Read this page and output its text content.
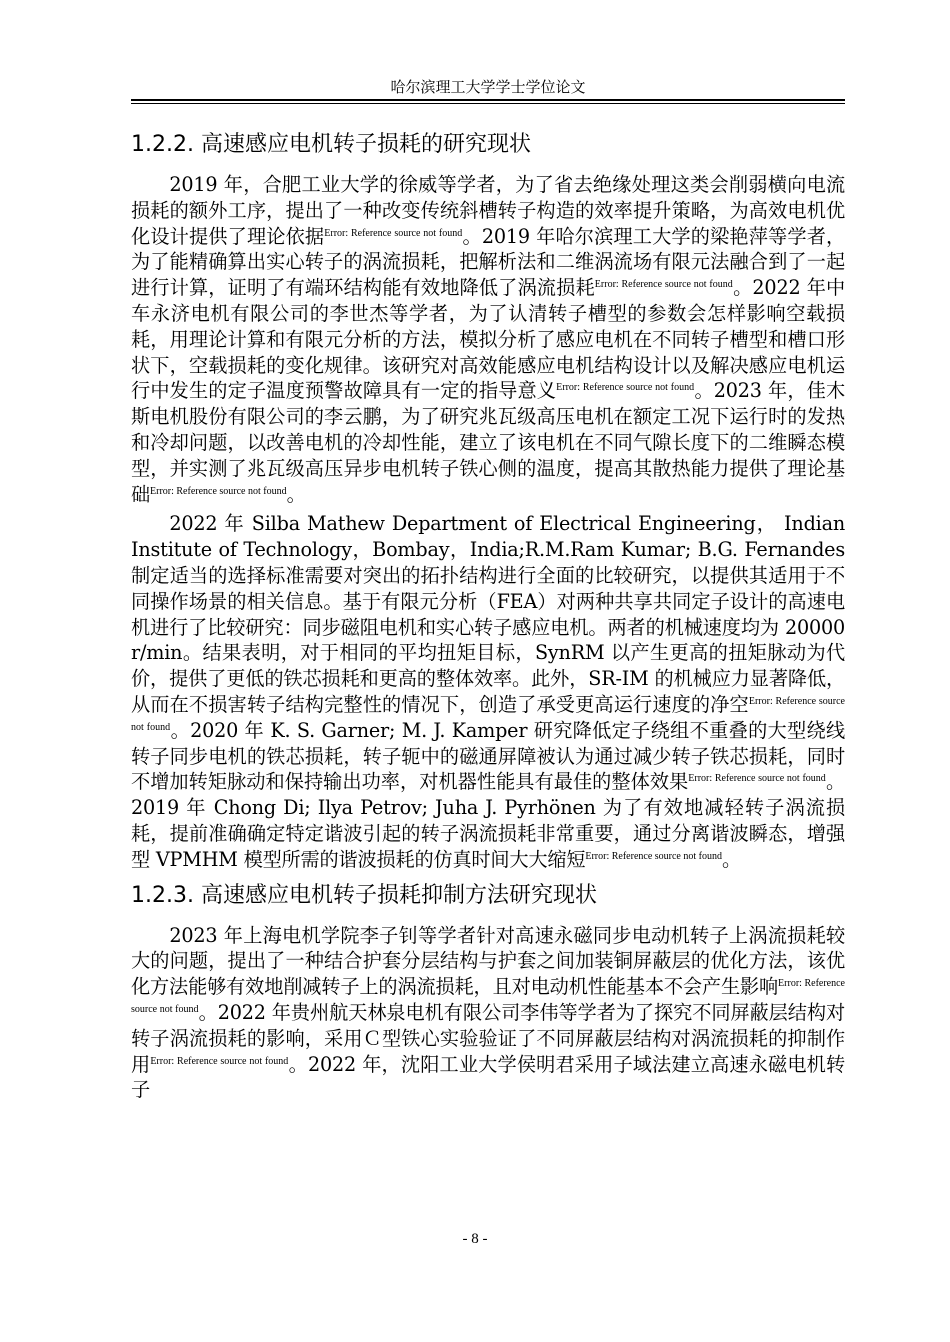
哈尔滨理工大学学士学位论文
1.2.2. 高速感应电机转子损耗的研究现状

2019 年，合肥工业大学的徐威等学者，为了省去绝缘处理这类会削弱横向电流损耗的额外工序，提出了一种改变传统斜槽转子构造的效率提升策略，为高效电机优化设计提供了理论依据$^{Error: Reference source not found}$。2019 年哈尔滨理工大学的梁艳萍等学者，为了能精确算出实心转子的涡流损耗，把解析法和二维涡流场有限元法融合到了一起进行计算，证明了有端环结构能有效地降低了涡流损耗$^{Error: Reference source not found}$。2022 年中车永济电机有限公司的李世杰等学者，为了认清转子槽型的参数会怎样影响空载损耗，用理论计算和有限元分析的方法，模拟分析了感应电机在不同转子槽型和槽口形状下，空载损耗的变化规律。该研究对高效能感应电机结构设计以及解决感应电机运行中发生的定子温度预警故障具有一定的指导意义$^{Error: Reference source not found}$。2023 年，佳木斯电机股份有限公司的李云鹏，为了研究兆瓦级高压电机在额定工况下运行时的发热和冷却问题，以改善电机的冷却性能，建立了该电机在不同气隙长度下的二维瞬态模型，并实测了兆瓦级高压异步电机转子铁心侧的温度，提高其散热能力提供了理论基础$^{Error: Reference source not found}$。

2022 年 Silba Mathew Department of Electrical Engineering， Indian Institute of Technology，Bombay，India;R.M.Ram Kumar; B.G. Fernandes 制定适当的选择标准需要对突出的拓扑结构进行全面的比较研究，以提供其适用于不同操作场景的相关信息。基于有限元分析（FEA）对两种共享共同定子设计的高速电机进行了比较研究：同步磁阻电机和实心转子感应电机。两者的机械速度均为 20000 r/min。结果表明，对于相同的平均扭矩目标，SynRM 以产生更高的扭矩脉动为代价，提供了更低的铁芯损耗和更高的整体效率。此外，SR-IM 的机械应力显著降低，从而在不损害转子结构完整性的情况下，创造了承受更高运行速度的净空$^{Error: Reference source not found}$。2020 年 K. S. Garner; M. J. Kamper 研究降低定子绕组不重叠的大型绕线转子同步电机的铁芯损耗，转子轭中的磁通屏障被认为通过减少转子铁芯损耗，同时不增加转矩脉动和保持输出功率，对机器性能具有最佳的整体效果$^{Error: Reference source not found}$。2019 年 Chong Di; Ilya Petrov; Juha J. Pyrhönen 为了有效地减轻转子涡流损耗，提前准确确定特定谐波引起的转子涡流损耗非常重要，通过分离谐波瞬态，增强型 VPMHM 模型所需的谐波损耗的仿真时间大大缩短$^{Error: Reference source not found}$。

1.2.3. 高速感应电机转子损耗抑制方法研究现状

2023 年上海电机学院李子钊等学者针对高速永磁同步电动机转子上涡流损耗较大的问题，提出了一种结合护套分层结构与护套之间加装铜屏蔽层的优化方法，该优化方法能够有效地削减转子上的涡流损耗，且对电动机性能基本不会产生影响$^{Error: Reference source not found}$。2022 年贵州航天林泉电机有限公司李伟等学者为了探究不同屏蔽层结构对转子涡流损耗的影响，采用Ｃ型铁心实验验证了不同屏蔽层结构对涡流损耗的抑制作用$^{Error: Reference source not found}$。2022 年，沈阳工业大学侯明君采用子域法建立高速永磁电机转子

- 8 -
